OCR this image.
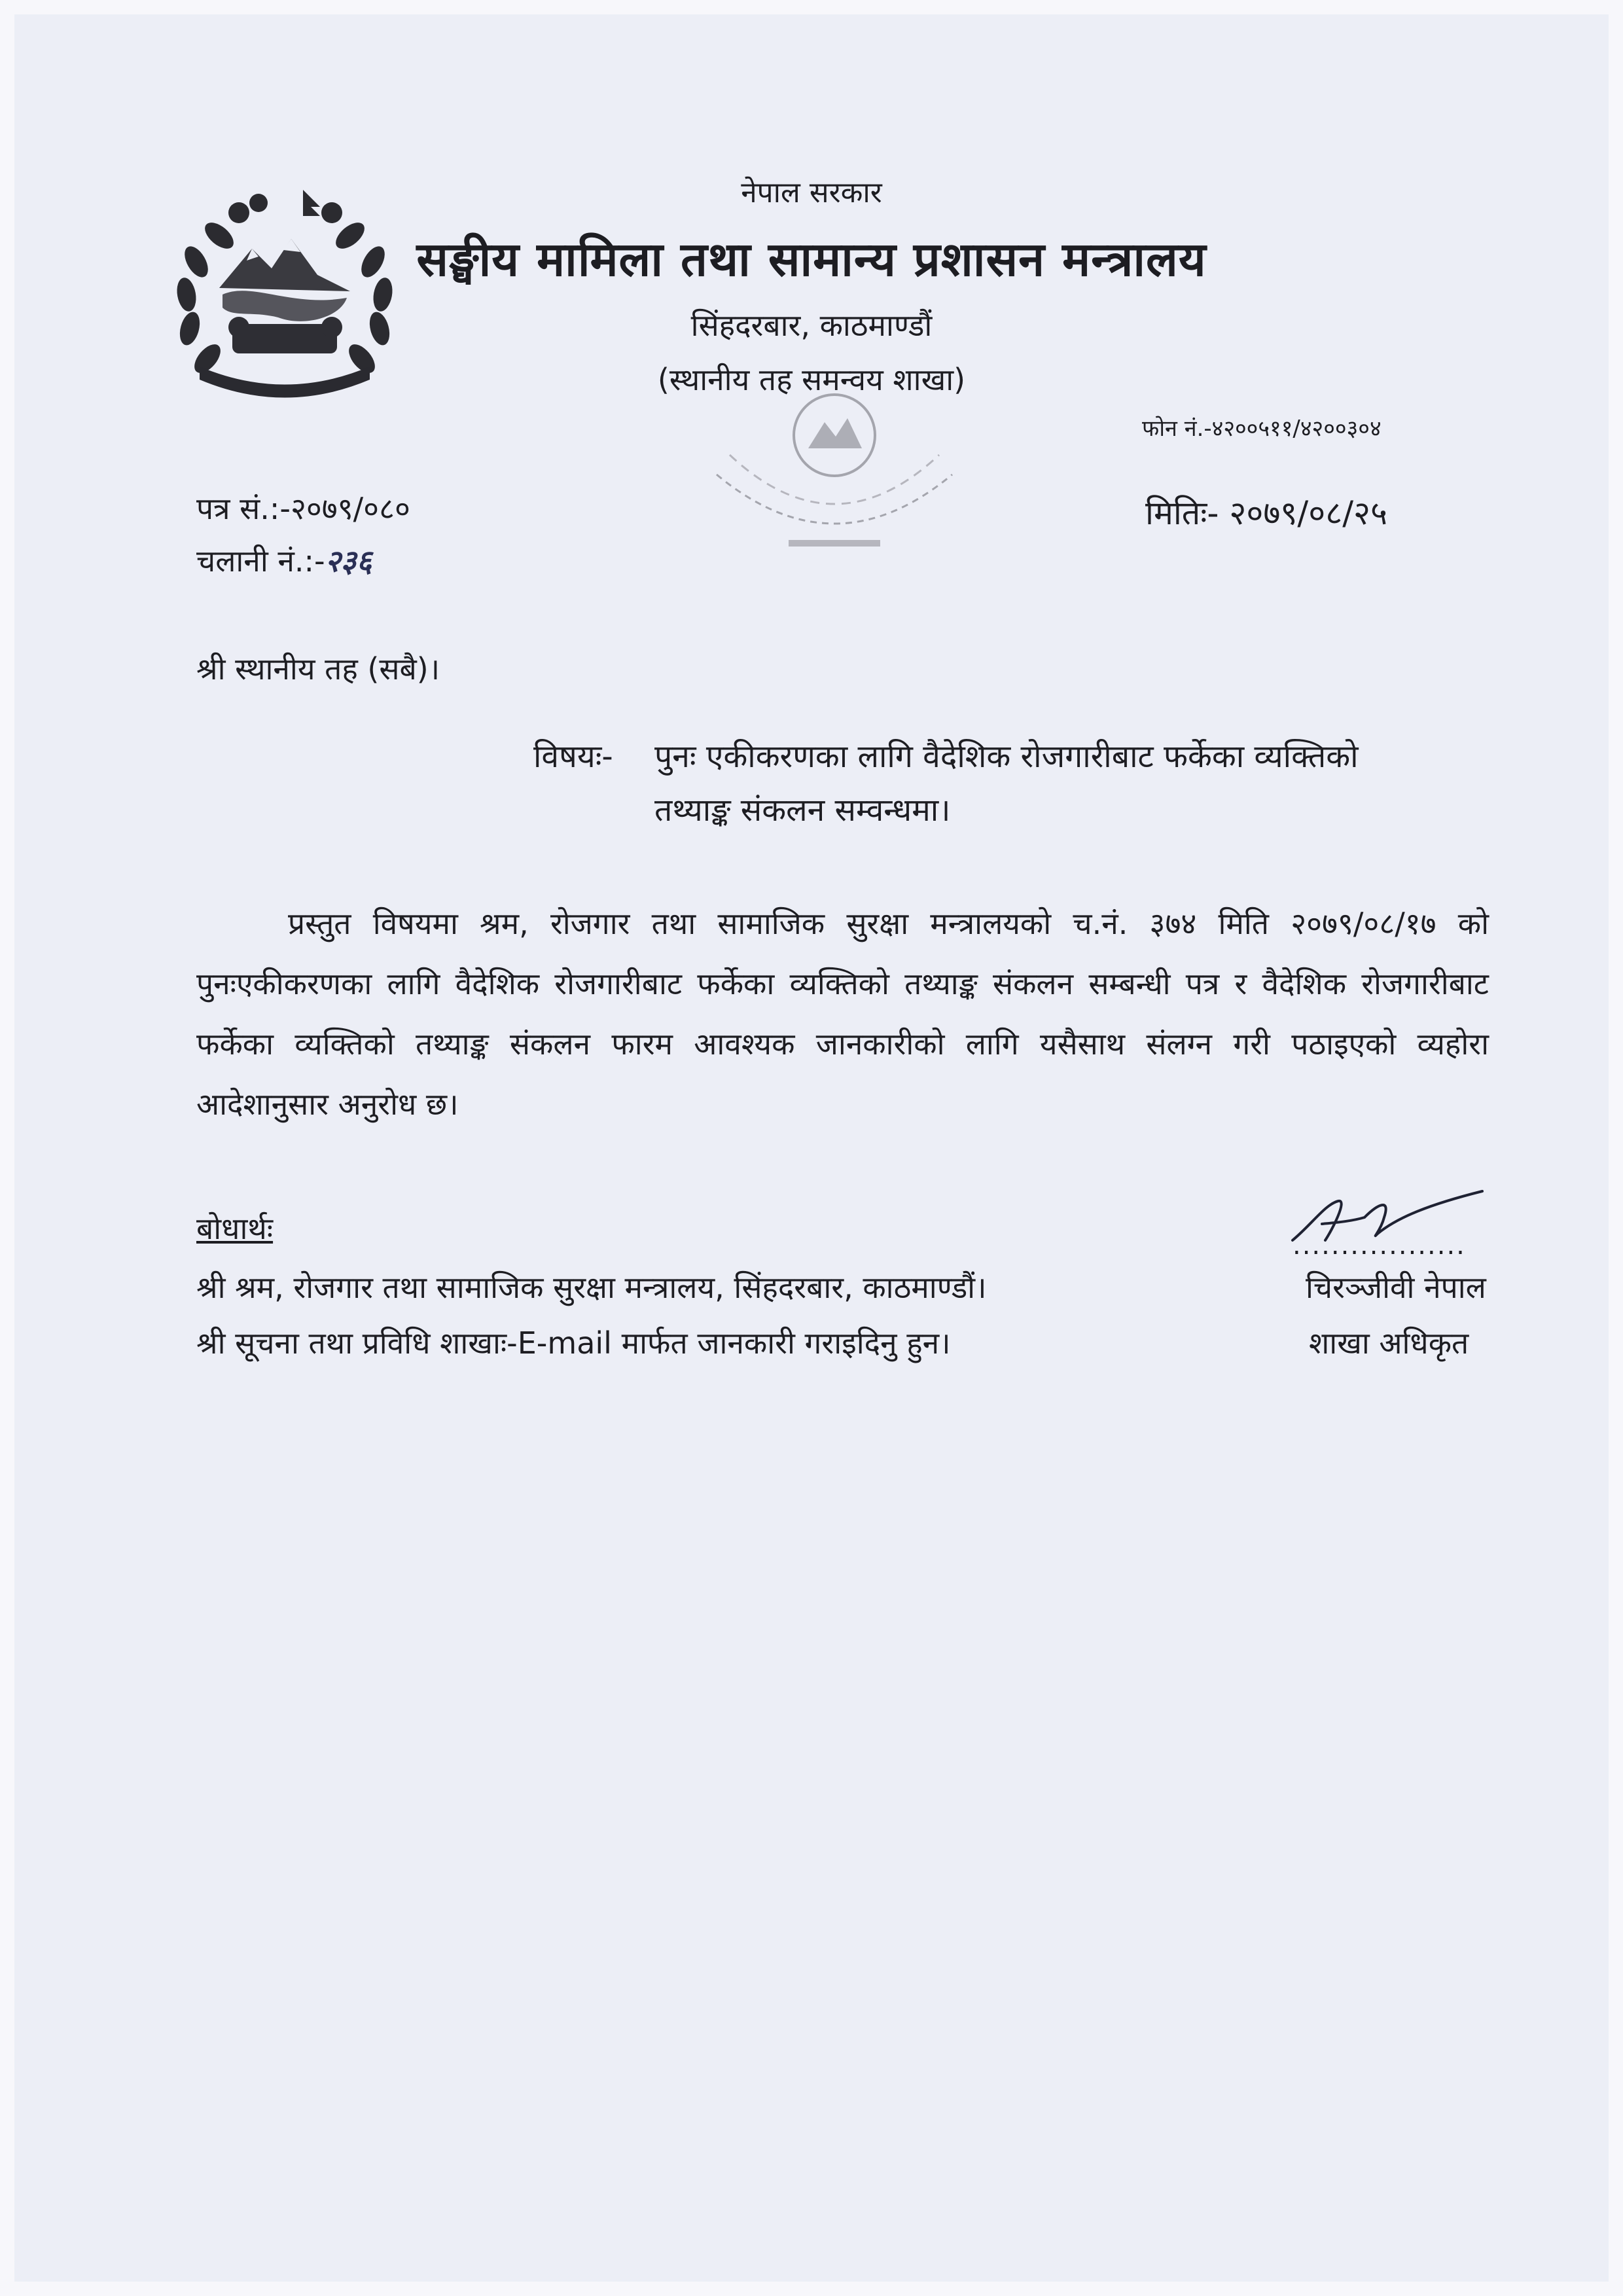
नेपाल सरकार
सङ्घीय मामिला तथा सामान्य प्रशासन मन्त्रालय
सिंहदरबार, काठमाण्डौं
(स्थानीय तह समन्वय शाखा)
फोन नं.-४२००५११/४२००३०४
पत्र सं.:-२०७९/०८०
चलानी नं.:-२३६
मितिः- २०७९/०८/२५
श्री स्थानीय तह (सबै)।
विषयः- पुनः एकीकरणका लागि वैदेशिक रोजगारीबाट फर्केका व्यक्तिको
तथ्याङ्क संकलन सम्वन्धमा।
प्रस्तुत विषयमा श्रम, रोजगार तथा सामाजिक सुरक्षा मन्त्रालयको च.नं. ३७४ मिति २०७९/०८/१७ को पुनःएकीकरणका लागि वैदेशिक रोजगारीबाट फर्केका व्यक्तिको तथ्याङ्क संकलन सम्बन्धी पत्र र वैदेशिक रोजगारीबाट फर्केका व्यक्तिको तथ्याङ्क संकलन फारम आवश्यक जानकारीको लागि यसैसाथ संलग्न गरी पठाइएको व्यहोरा आदेशानुसार अनुरोध छ।
बोधार्थः
श्री श्रम, रोजगार तथा सामाजिक सुरक्षा मन्त्रालय, सिंहदरबार, काठमाण्डौं।
श्री सूचना तथा प्रविधि शाखाः-E-mail मार्फत जानकारी गराइदिनु हुन।
..................
चिरञ्जीवी नेपाल
शाखा अधिकृत
